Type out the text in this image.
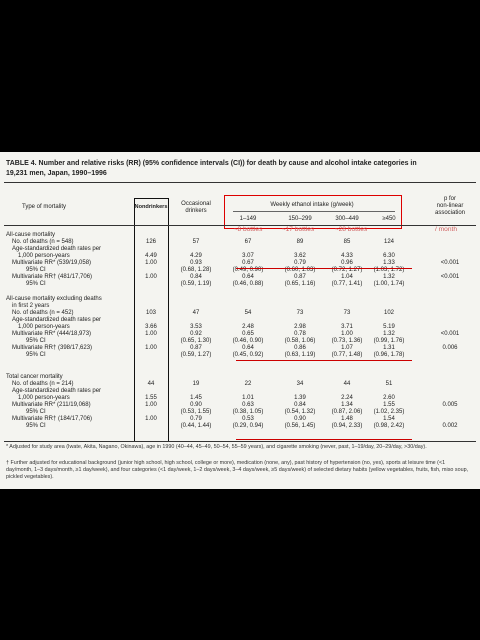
TABLE 4. Number and relative risks (RR) (95% confidence intervals (CI)) for death by cause and alcohol intake categories in
19,231 men, Japan, 1990–1996
Type of mortality	Nondrinkers Occasional
drinkers
Weekly ethanol intake (g/week)
p for
non-linear
association
1–149	150–299	300–449	≥450
~8 bottles	~17 bottles	~28 bottles	/ month
All-cause mortality
No. of deaths (n = 548)	126	57	67	89	85	124
Age-standardized death rates per
1,000 person-years	4.49	4.29	3.07	3.62	4.33	6.30
Multivariate RR* (539/19,058)	1.00	0.93	0.67	0.79	0.96	1.33	<0.001
95% CI	(0.68, 1.28)	(0.49, 0.90)	(0.60, 1.03)	(0.72, 1.27) (1.03, 1.72)
Multivariate RR† (481/17,706)	1.00	0.84	0.64	0.87	1.04	1.32	<0.001
95% CI	(0.59, 1.19)	(0.46, 0.88)	(0.65, 1.16)	(0.77, 1.41) (1.00, 1.74)
All-cause mortality excluding deaths
in first 2 years
No. of deaths (n = 452)	103	47	54	73	73	102
Age-standardized death rates per
1,000 person-years	3.66	3.53	2.48	2.98	3.71	5.19
Multivariate RR* (444/18,973)	1.00	0.92	0.65	0.78	1.00	1.32	<0.001
95% CI	(0.65, 1.30)	(0.46, 0.90)	(0.58, 1.06)	(0.73, 1.36) (0.99, 1.76)
Multivariate RR† (398/17,623)	1.00	0.87	0.64	0.86	1.07	1.31	0.006
95% CI	(0.59, 1.27)	(0.45, 0.92)	(0.63, 1.19)	(0.77, 1.48) (0.96, 1.78)
Total cancer mortality
No. of deaths (n = 214)	44	19	22	34	44	51
Age-standardized death rates per
1,000 person-years	1.55	1.45	1.01	1.39	2.24	2.60
Multivariate RR* (211/19,068)	1.00	0.90	0.63	0.84	1.34	1.55	0.005
95% CI	(0.53, 1.55)	(0.38, 1.05)	(0.54, 1.32)	(0.87, 2.06) (1.02, 2.35)
Multivariate RR† (184/17,706)	1.00	0.79	0.53	0.90	1.48	1.54
95% CI	(0.44, 1.44)	(0.29, 0.94)	(0.56, 1.45)	(0.94, 2.33) (0.98, 2.42)	0.002
* Adjusted for study area (Iwate, Akita, Nagano, Okinawa), age in 1990 (40–44, 45–49, 50–54, 55–59 years), and cigarette smoking (never, past, 1–19/day, 20–29/day, >30/day).
† Further adjusted for educational background (junior high school, high school, college or more), medication (none, any), past history of hypertension (no, yes), sports at leisure time (<1 day/month, 1–3 days/month, ≥1 day/week), and four categories (<1 day/week, 1–2 days/week, 3–4 days/week, ≥5 days/week) of selected dietary habits (yellow vegetables, fruits, fish, miso soup, pickled vegetables).
